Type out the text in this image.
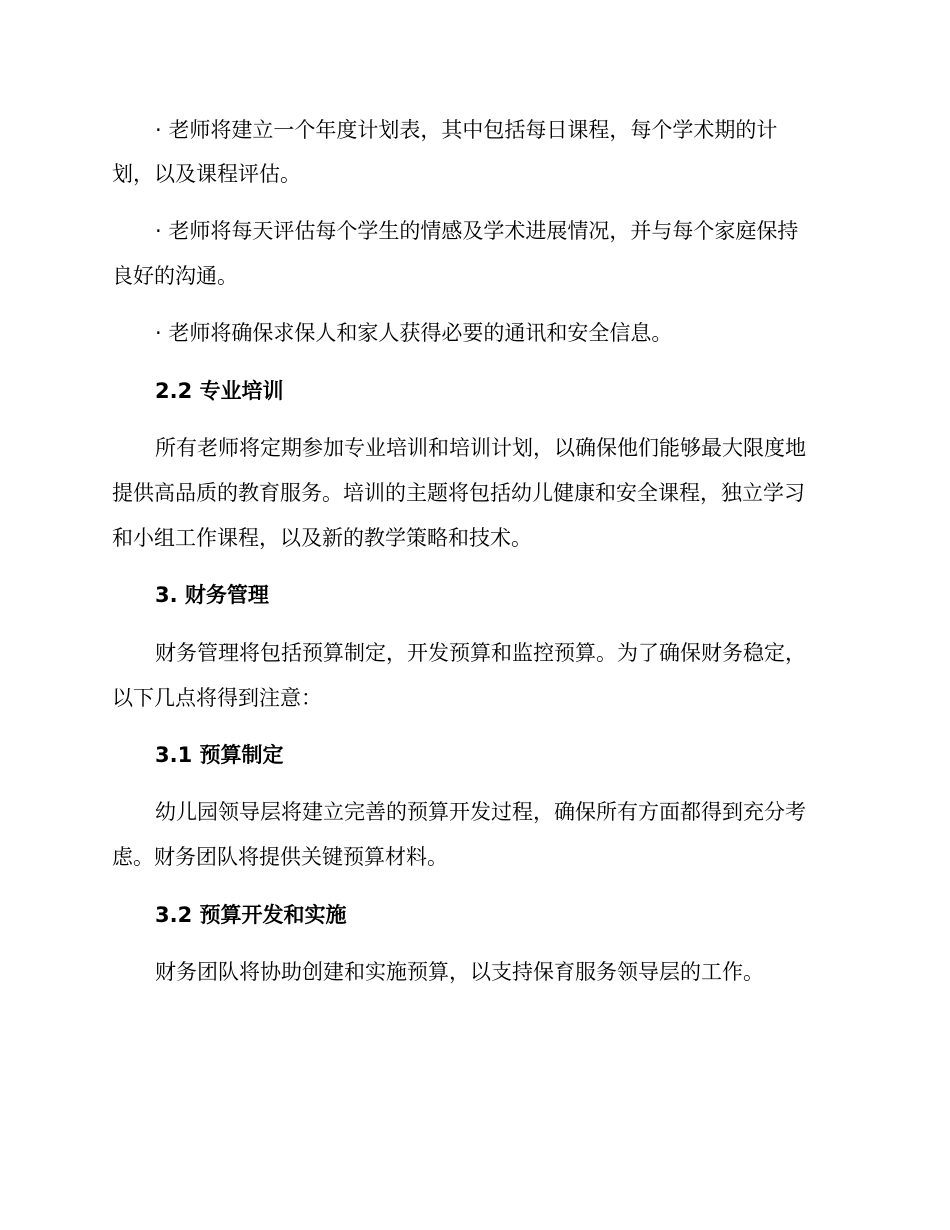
· 老师将建立一个年度计划表，其中包括每日课程，每个学术期的计

划，以及课程评估。

· 老师将每天评估每个学生的情感及学术进展情况，并与每个家庭保持

良好的沟通。

· 老师将确保求保人和家人获得必要的通讯和安全信息。

2.2 专业培训

所有老师将定期参加专业培训和培训计划，以确保他们能够最大限度地

提供高品质的教育服务。培训的主题将包括幼儿健康和安全课程，独立学习

和小组工作课程，以及新的教学策略和技术。

3. 财务管理

财务管理将包括预算制定，开发预算和监控预算。为了确保财务稳定，

以下几点将得到注意：

3.1 预算制定

幼儿园领导层将建立完善的预算开发过程，确保所有方面都得到充分考

虑。财务团队将提供关键预算材料。

3.2 预算开发和实施

财务团队将协助创建和实施预算，以支持保育服务领导层的工作。
